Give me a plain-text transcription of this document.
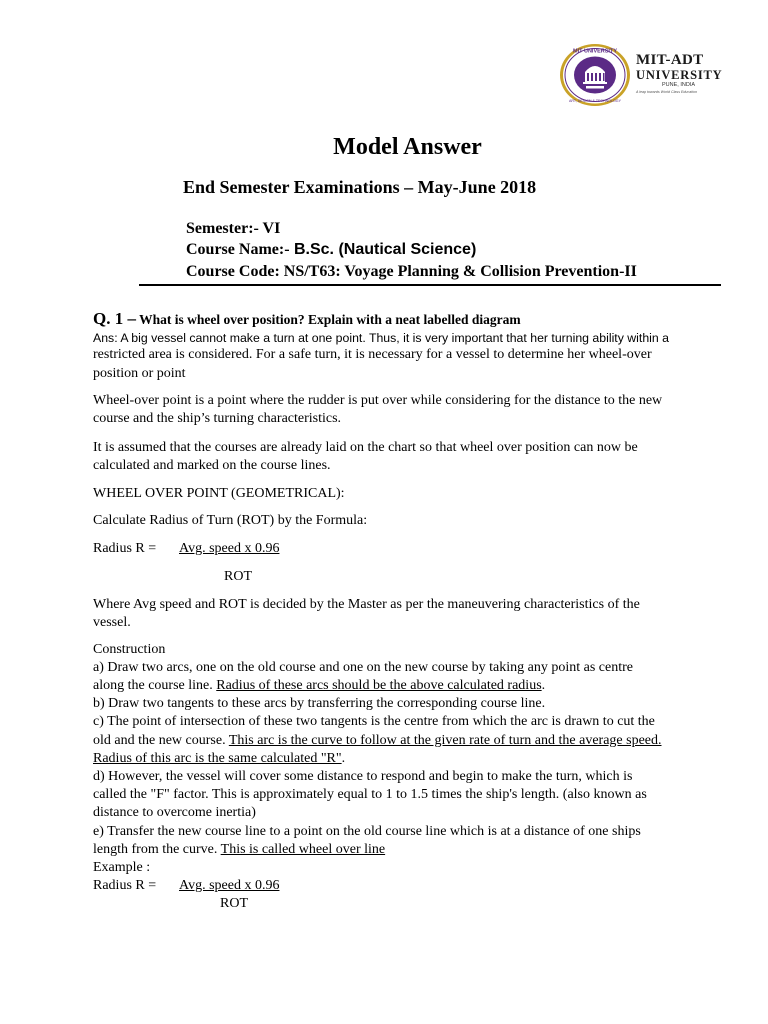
MIT UNIVERSITY
ART, DESIGN & TECHNOLOGY
MIT-ADT
UNIVERSITY
PUNE, INDIA
A leap towards World Class Education
Model Answer
End Semester Examinations – May-June 2018
Semester:- VI
Course Name:- B.Sc. (Nautical Science)
Course Code: NS/T63: Voyage Planning & Collision Prevention-II
Q. 1 – What is wheel over position? Explain with a neat labelled diagram
Ans: A big vessel cannot make a turn at one point. Thus, it is very important that her turning ability within a
restricted area is considered. For a safe turn, it is necessary for a vessel to determine her wheel-over
position or point
Wheel-over point is a point where the rudder is put over while considering for the distance to the new
course and the ship’s turning characteristics.
It is assumed that the courses are already laid on the chart so that wheel over position can now be
calculated and marked on the course lines.
WHEEL OVER POINT (GEOMETRICAL):
Calculate Radius of Turn (ROT) by the Formula:
Radius R =	Avg. speed x 0.96
ROT
Where Avg speed and ROT is decided by the Master as per the maneuvering characteristics of the
vessel.
Construction
a) Draw two arcs, one on the old course and one on the new course by taking any point as centre
along the course line. Radius of these arcs should be the above calculated radius.
b) Draw two tangents to these arcs by transferring the corresponding course line.
c) The point of intersection of these two tangents is the centre from which the arc is drawn to cut the
old and the new course. This arc is the curve to follow at the given rate of turn and the average speed.
Radius of this arc is the same calculated "R".
d) However, the vessel will cover some distance to respond and begin to make the turn, which is
called the "F" factor. This is approximately equal to 1 to 1.5 times the ship's length. (also known as
distance to overcome inertia)
e) Transfer the new course line to a point on the old course line which is at a distance of one ships
length from the curve. This is called wheel over line
Example :
Radius R =	Avg. speed x 0.96
ROT
